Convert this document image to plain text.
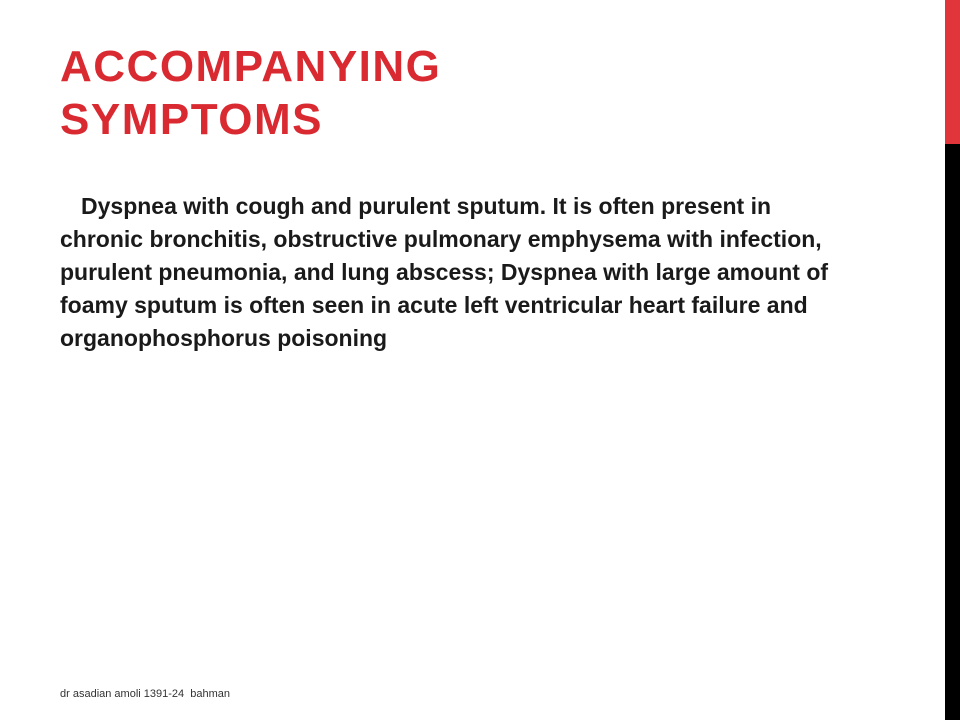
ACCOMPANYING
SYMPTOMS

Dyspnea with cough and purulent sputum. It is often present in chronic bronchitis, obstructive pulmonary emphysema with infection, purulent pneumonia, and lung abscess; Dyspnea with large amount of foamy sputum is often seen in acute left ventricular heart failure and organophosphorus poisoning

dr asadian amoli 1391-24  bahman
